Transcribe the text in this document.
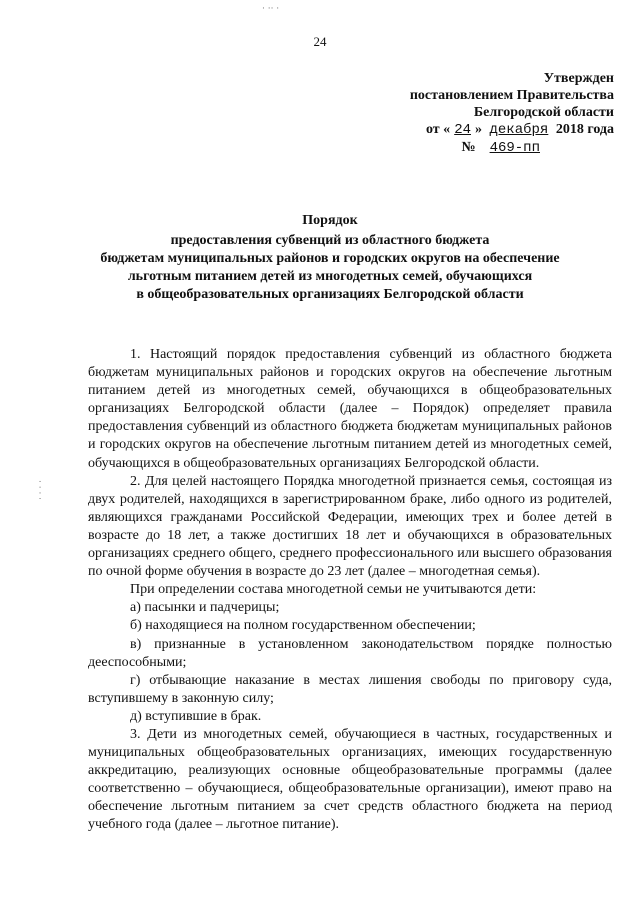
· ·· ·
· · · ·
24
Утвержден
постановлением Правительства
Белгородской области
от « 24 » декабря 2018 года
№ 469-пп
Порядок
предоставления субвенций из областного бюджета
бюджетам муниципальных районов и городских округов на обеспечение
льготным питанием детей из многодетных семей, обучающихся
в общеобразовательных организациях Белгородской области

1. Настоящий порядок предоставления субвенций из областного бюджета бюджетам муниципальных районов и городских округов на обеспечение льготным питанием детей из многодетных семей, обучающихся в общеобразовательных организациях Белгородской области (далее – Порядок) определяет правила предоставления субвенций из областного бюджета бюджетам муниципальных районов и городских округов на обеспечение льготным питанием детей из многодетных семей, обучающихся в общеобразовательных организациях Белгородской области.

2. Для целей настоящего Порядка многодетной признается семья, состоящая из двух родителей, находящихся в зарегистрированном браке, либо одного из родителей, являющихся гражданами Российской Федерации, имеющих трех и более детей в возрасте до 18 лет, а также достигших 18 лет и обучающихся в образовательных организациях среднего общего, среднего профессионального или высшего образования по очной форме обучения в возрасте до 23 лет (далее – многодетная семья).

При определении состава многодетной семьи не учитываются дети:

а) пасынки и падчерицы;

б) находящиеся на полном государственном обеспечении;

в) признанные в установленном законодательством порядке полностью дееспособными;

г) отбывающие наказание в местах лишения свободы по приговору суда, вступившему в законную силу;

д) вступившие в брак.

3. Дети из многодетных семей, обучающиеся в частных, государственных и муниципальных общеобразовательных организациях, имеющих государственную аккредитацию, реализующих основные общеобразовательные программы (далее соответственно – обучающиеся, общеобразовательные организации), имеют право на обеспечение льготным питанием за счет средств областного бюджета на период учебного года (далее – льготное питание).
